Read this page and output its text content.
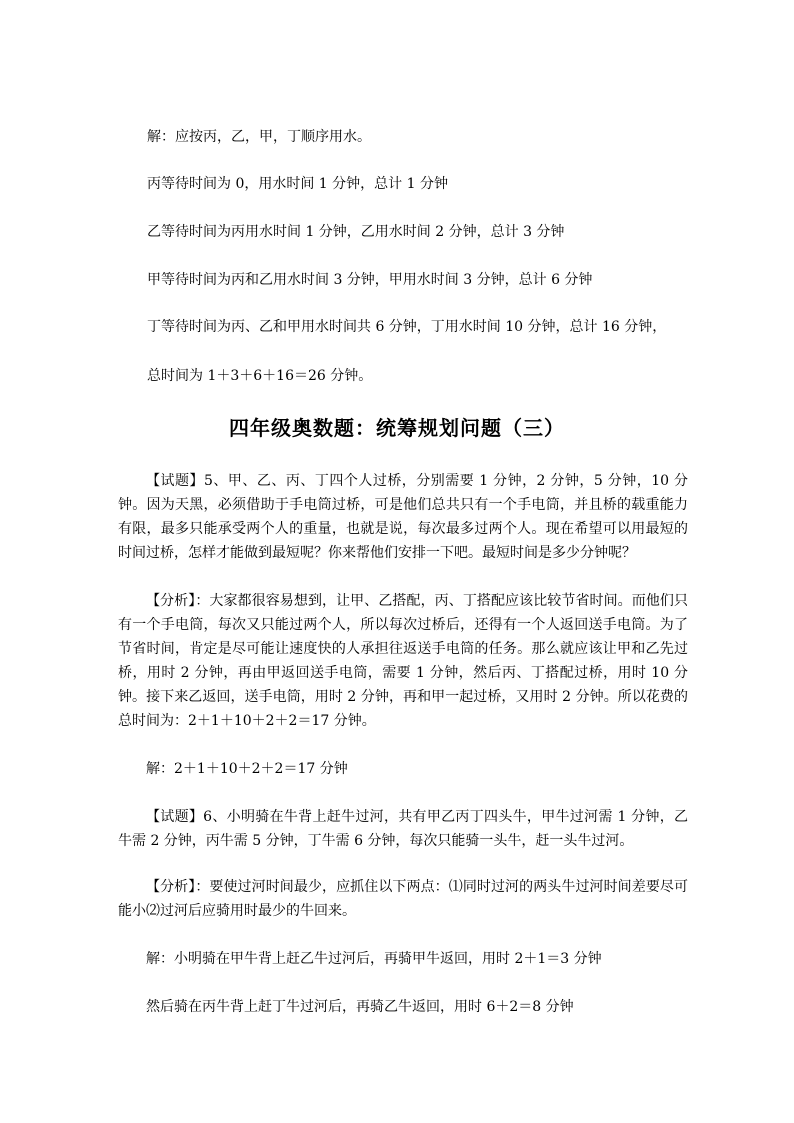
解：应按丙，乙，甲，丁顺序用水。
丙等待时间为 0，用水时间 1 分钟，总计 1 分钟
乙等待时间为丙用水时间 1 分钟，乙用水时间 2 分钟，总计 3 分钟
甲等待时间为丙和乙用水时间 3 分钟，甲用水时间 3 分钟，总计 6 分钟
丁等待时间为丙、乙和甲用水时间共 6 分钟，丁用水时间 10 分钟，总计 16 分钟，
总时间为 1＋3＋6＋16＝26 分钟。
四年级奥数题：统筹规划问题（三）
【试题】5、甲、乙、丙、丁四个人过桥，分别需要 1 分钟，2 分钟，5 分钟，10 分钟。因为天黑，必须借助于手电筒过桥，可是他们总共只有一个手电筒，并且桥的载重能力有限，最多只能承受两个人的重量，也就是说，每次最多过两个人。现在希望可以用最短的时间过桥，怎样才能做到最短呢？你来帮他们安排一下吧。最短时间是多少分钟呢？
【分析】：大家都很容易想到，让甲、乙搭配，丙、丁搭配应该比较节省时间。而他们只有一个手电筒，每次又只能过两个人，所以每次过桥后，还得有一个人返回送手电筒。为了节省时间，肯定是尽可能让速度快的人承担往返送手电筒的任务。那么就应该让甲和乙先过桥，用时 2 分钟，再由甲返回送手电筒，需要 1 分钟，然后丙、丁搭配过桥，用时 10 分钟。接下来乙返回，送手电筒，用时 2 分钟，再和甲一起过桥，又用时 2 分钟。所以花费的总时间为：2＋1＋10＋2＋2＝17 分钟。
解：2＋1＋10＋2＋2＝17 分钟
【试题】6、小明骑在牛背上赶牛过河，共有甲乙丙丁四头牛，甲牛过河需 1 分钟，乙牛需 2 分钟，丙牛需 5 分钟，丁牛需 6 分钟，每次只能骑一头牛，赶一头牛过河。
【分析】：要使过河时间最少，应抓住以下两点：⑴同时过河的两头牛过河时间差要尽可能小⑵过河后应骑用时最少的牛回来。
解：小明骑在甲牛背上赶乙牛过河后，再骑甲牛返回，用时 2＋1＝3 分钟
然后骑在丙牛背上赶丁牛过河后，再骑乙牛返回，用时 6＋2＝8 分钟
